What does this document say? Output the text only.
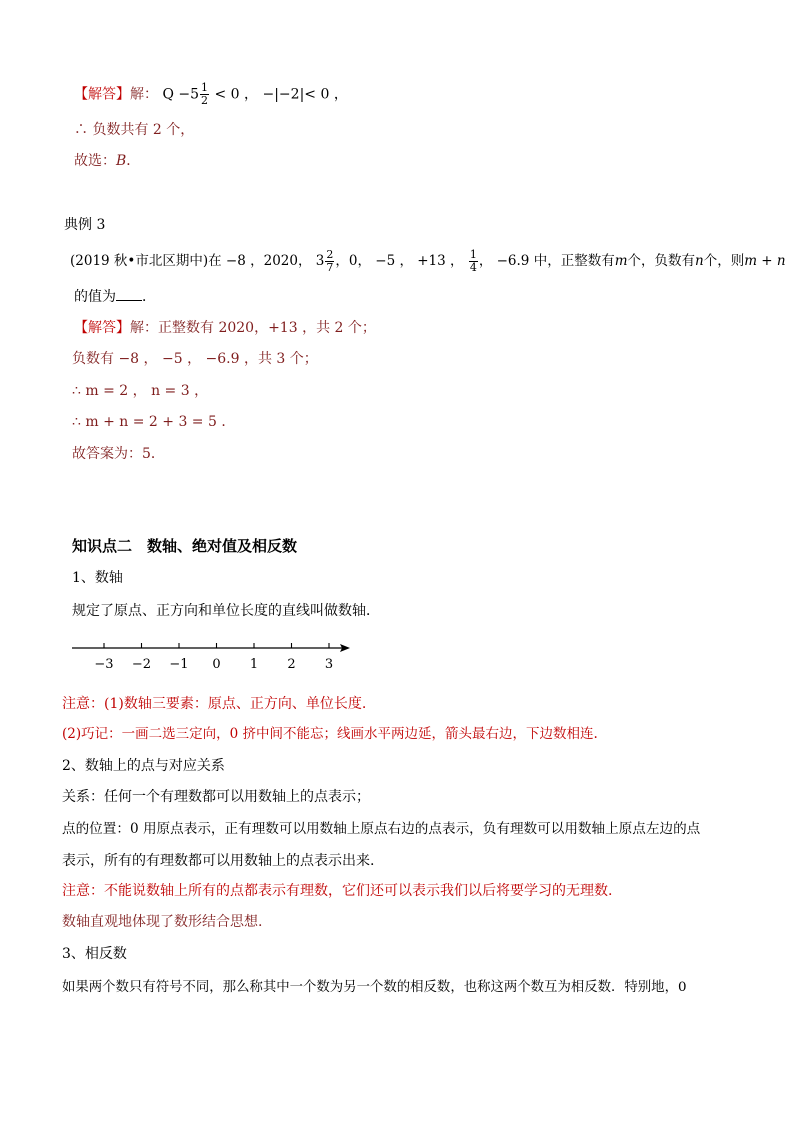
【解答】解： $Q -5 \frac{1}{2} < 0$ ， −|−2|< 0 ，
∴ 负数共有 2 个，
故选：B．
典例 3
(2019 秋•市北区期中)在 −8 ，2020， $3 \frac{2}{7}$ ，0， −5 ， +13 ， $\frac{1}{4}$ ， −6.9 中，正整数有m个，负数有n个，则m + n
的值为 ．
【解答】解：正整数有 2020，+13 ，共 2 个；
负数有 −8 ， −5 ， −6.9 ，共 3 个；
∴ m = 2 ， n = 3 ，
∴ m + n = 2 + 3 = 5 ．
故答案为：5．
知识点二　数轴、绝对值及相反数
1、数轴
规定了原点、正方向和单位长度的直线叫做数轴．
−3 −2 −1 0 1 2 3
注意：(1)数轴三要素：原点、正方向、单位长度.
(2)巧记：一画二选三定向，0 挤中间不能忘；线画水平两边延，箭头最右边，下边数相连.
2、数轴上的点与对应关系
关系：任何一个有理数都可以用数轴上的点表示；
点的位置：0 用原点表示，正有理数可以用数轴上原点右边的点表示，负有理数可以用数轴上原点左边的点
表示，所有的有理数都可以用数轴上的点表示出来.
注意：不能说数轴上所有的点都表示有理数，它们还可以表示我们以后将要学习的无理数.
数轴直观地体现了数形结合思想.
3、相反数
如果两个数只有符号不同，那么称其中一个数为另一个数的相反数，也称这两个数互为相反数．特别地，0
